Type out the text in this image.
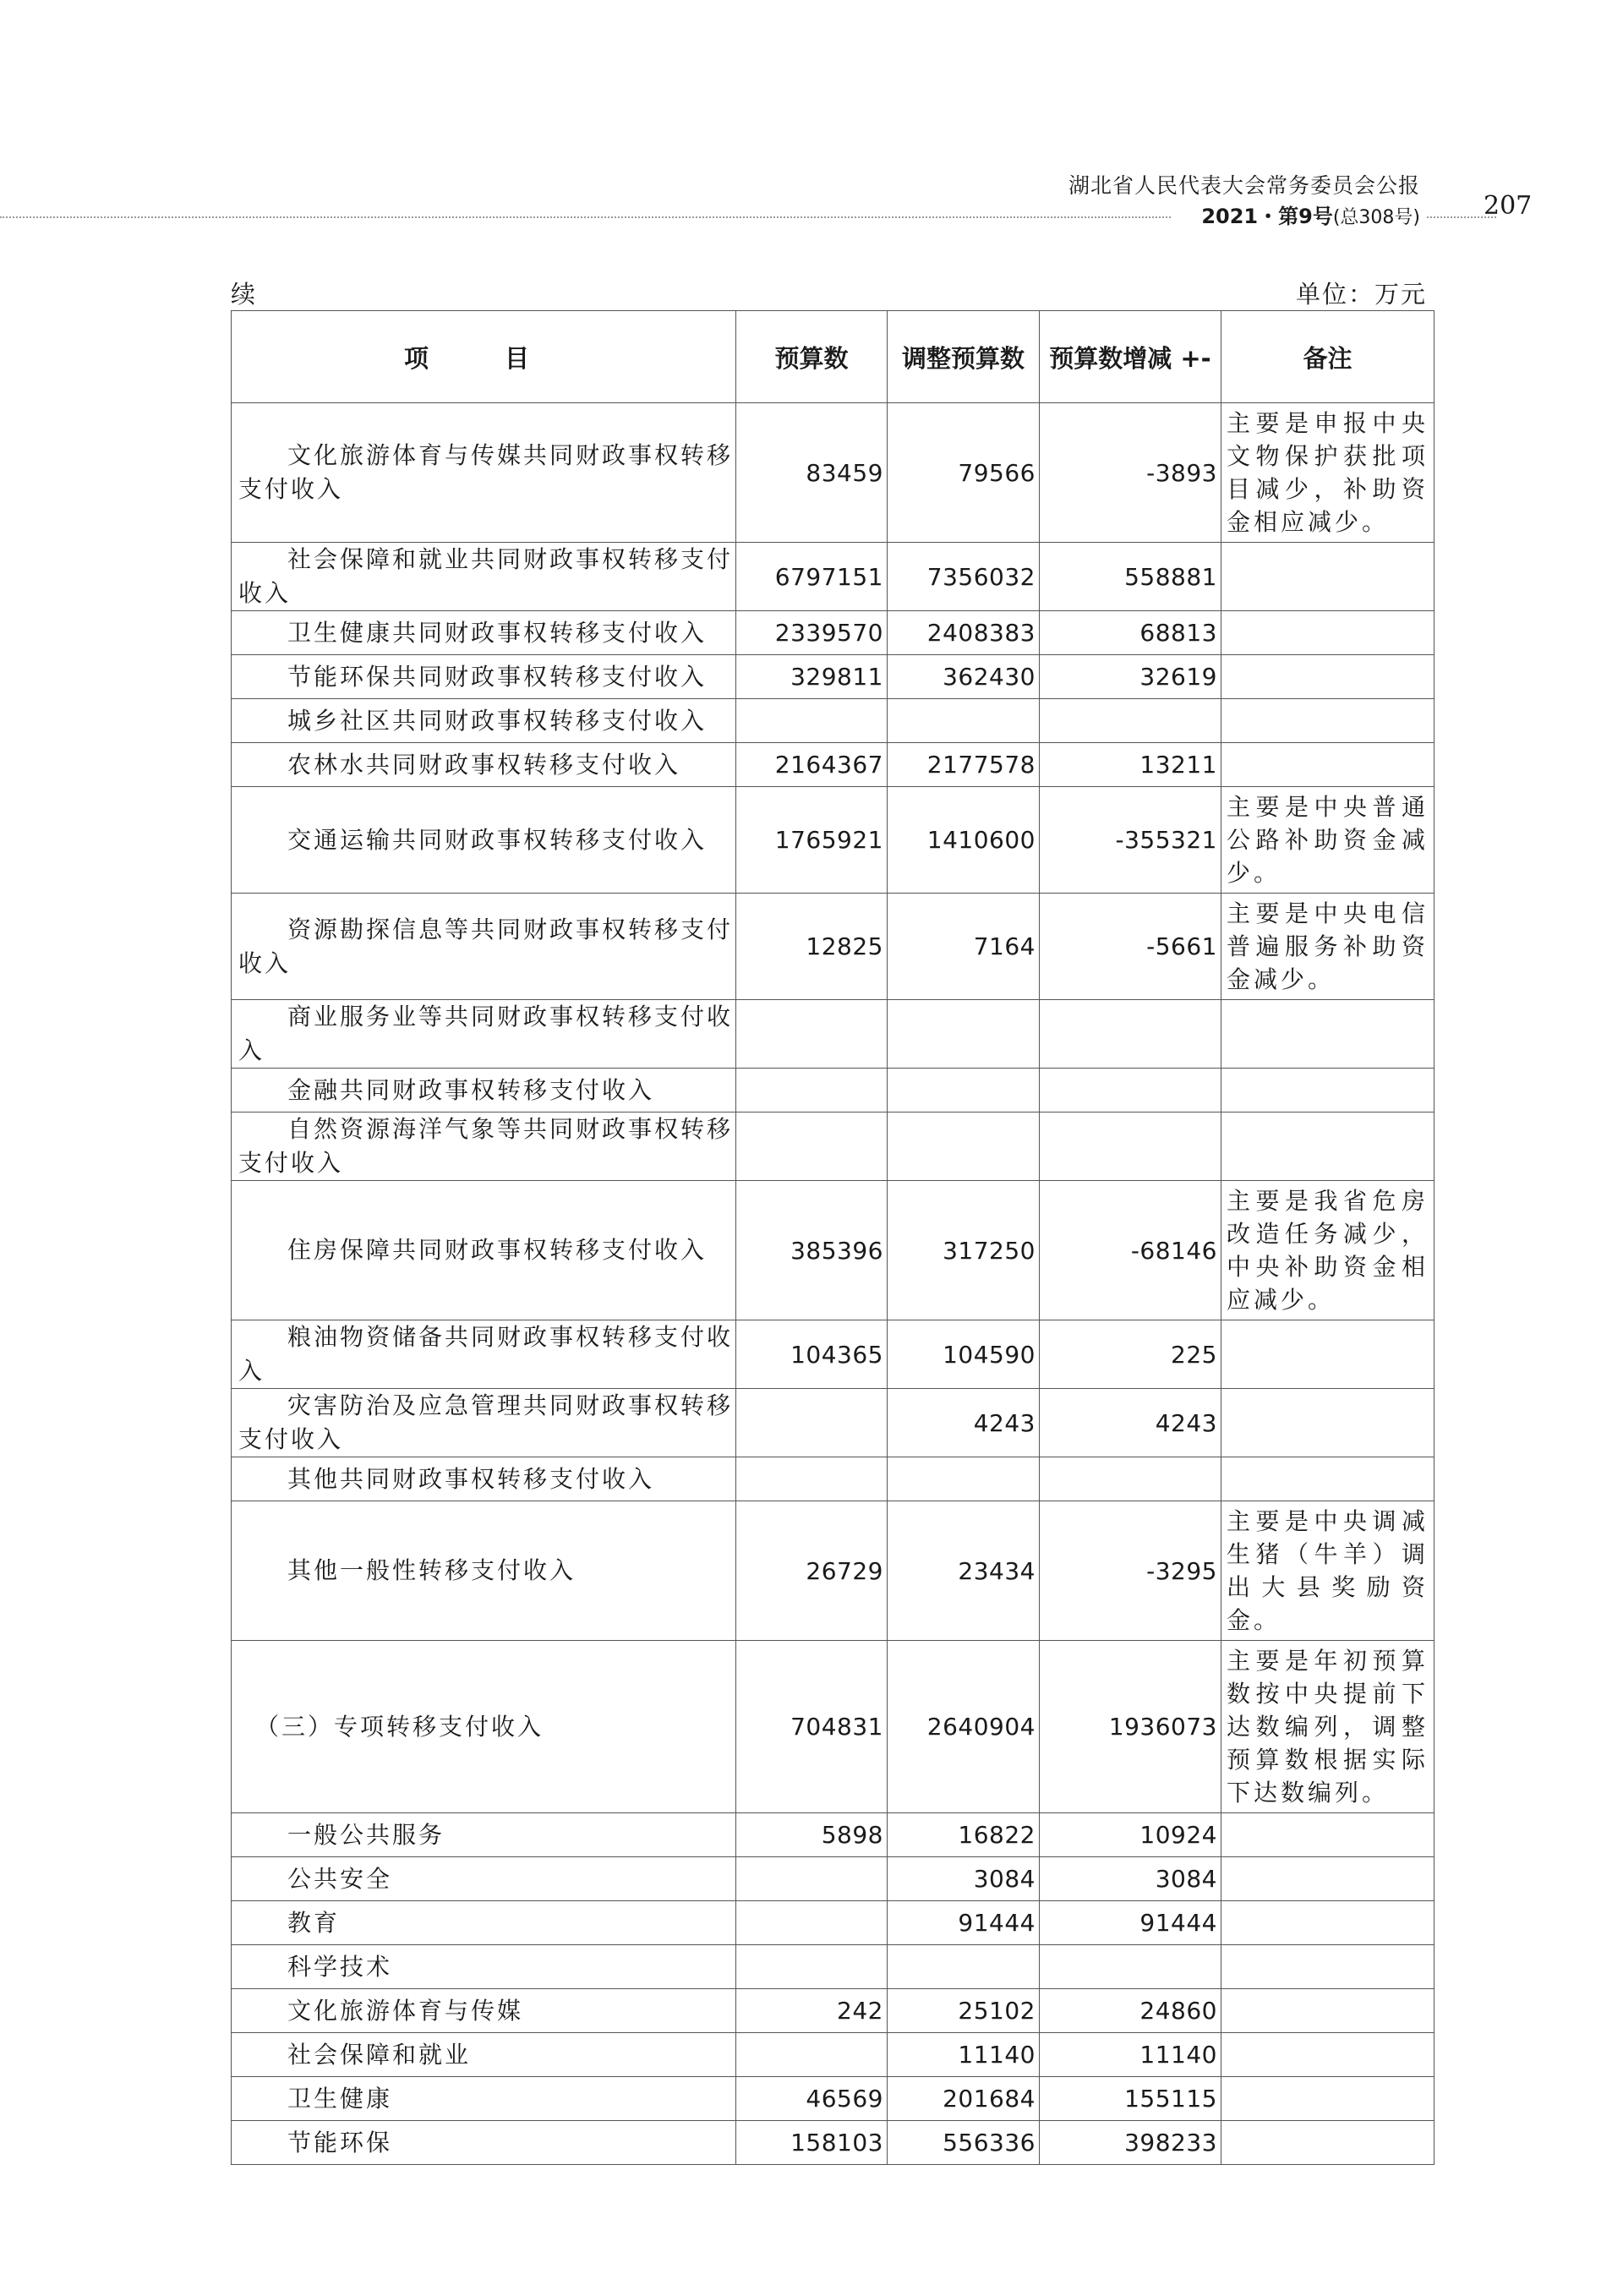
湖北省人民代表大会常务委员会公报
2021・第9号(总308号)	207
续	单位：万元
项 目	预算数	调整预算数	预算数增减 +-	备注
文化旅游体育与传媒共同财政事权转移支付收入	83459	79566	-3893	主要是申报中央文物保护获批项目减少，补助资金相应减少。
社会保障和就业共同财政事权转移支付收入	6797151	7356032	558881	
卫生健康共同财政事权转移支付收入	2339570	2408383	68813	
节能环保共同财政事权转移支付收入	329811	362430	32619	
城乡社区共同财政事权转移支付收入				
农林水共同财政事权转移支付收入	2164367	2177578	13211	
交通运输共同财政事权转移支付收入	1765921	1410600	-355321	主要是中央普通公路补助资金减少。
资源勘探信息等共同财政事权转移支付收入	12825	7164	-5661	主要是中央电信普遍服务补助资金减少。
商业服务业等共同财政事权转移支付收入				
金融共同财政事权转移支付收入				
自然资源海洋气象等共同财政事权转移支付收入				
住房保障共同财政事权转移支付收入	385396	317250	-68146	主要是我省危房改造任务减少，中央补助资金相应减少。
粮油物资储备共同财政事权转移支付收入	104365	104590	225	
灾害防治及应急管理共同财政事权转移支付收入		4243	4243	
其他共同财政事权转移支付收入				
其他一般性转移支付收入	26729	23434	-3295	主要是中央调减生猪（牛羊）调出大县奖励资金。
（三）专项转移支付收入	704831	2640904	1936073	主要是年初预算数按中央提前下达数编列，调整预算数根据实际下达数编列。
一般公共服务	5898	16822	10924	
公共安全		3084	3084	
教育		91444	91444	
科学技术				
文化旅游体育与传媒	242	25102	24860	
社会保障和就业		11140	11140	
卫生健康	46569	201684	155115	
节能环保	158103	556336	398233	
